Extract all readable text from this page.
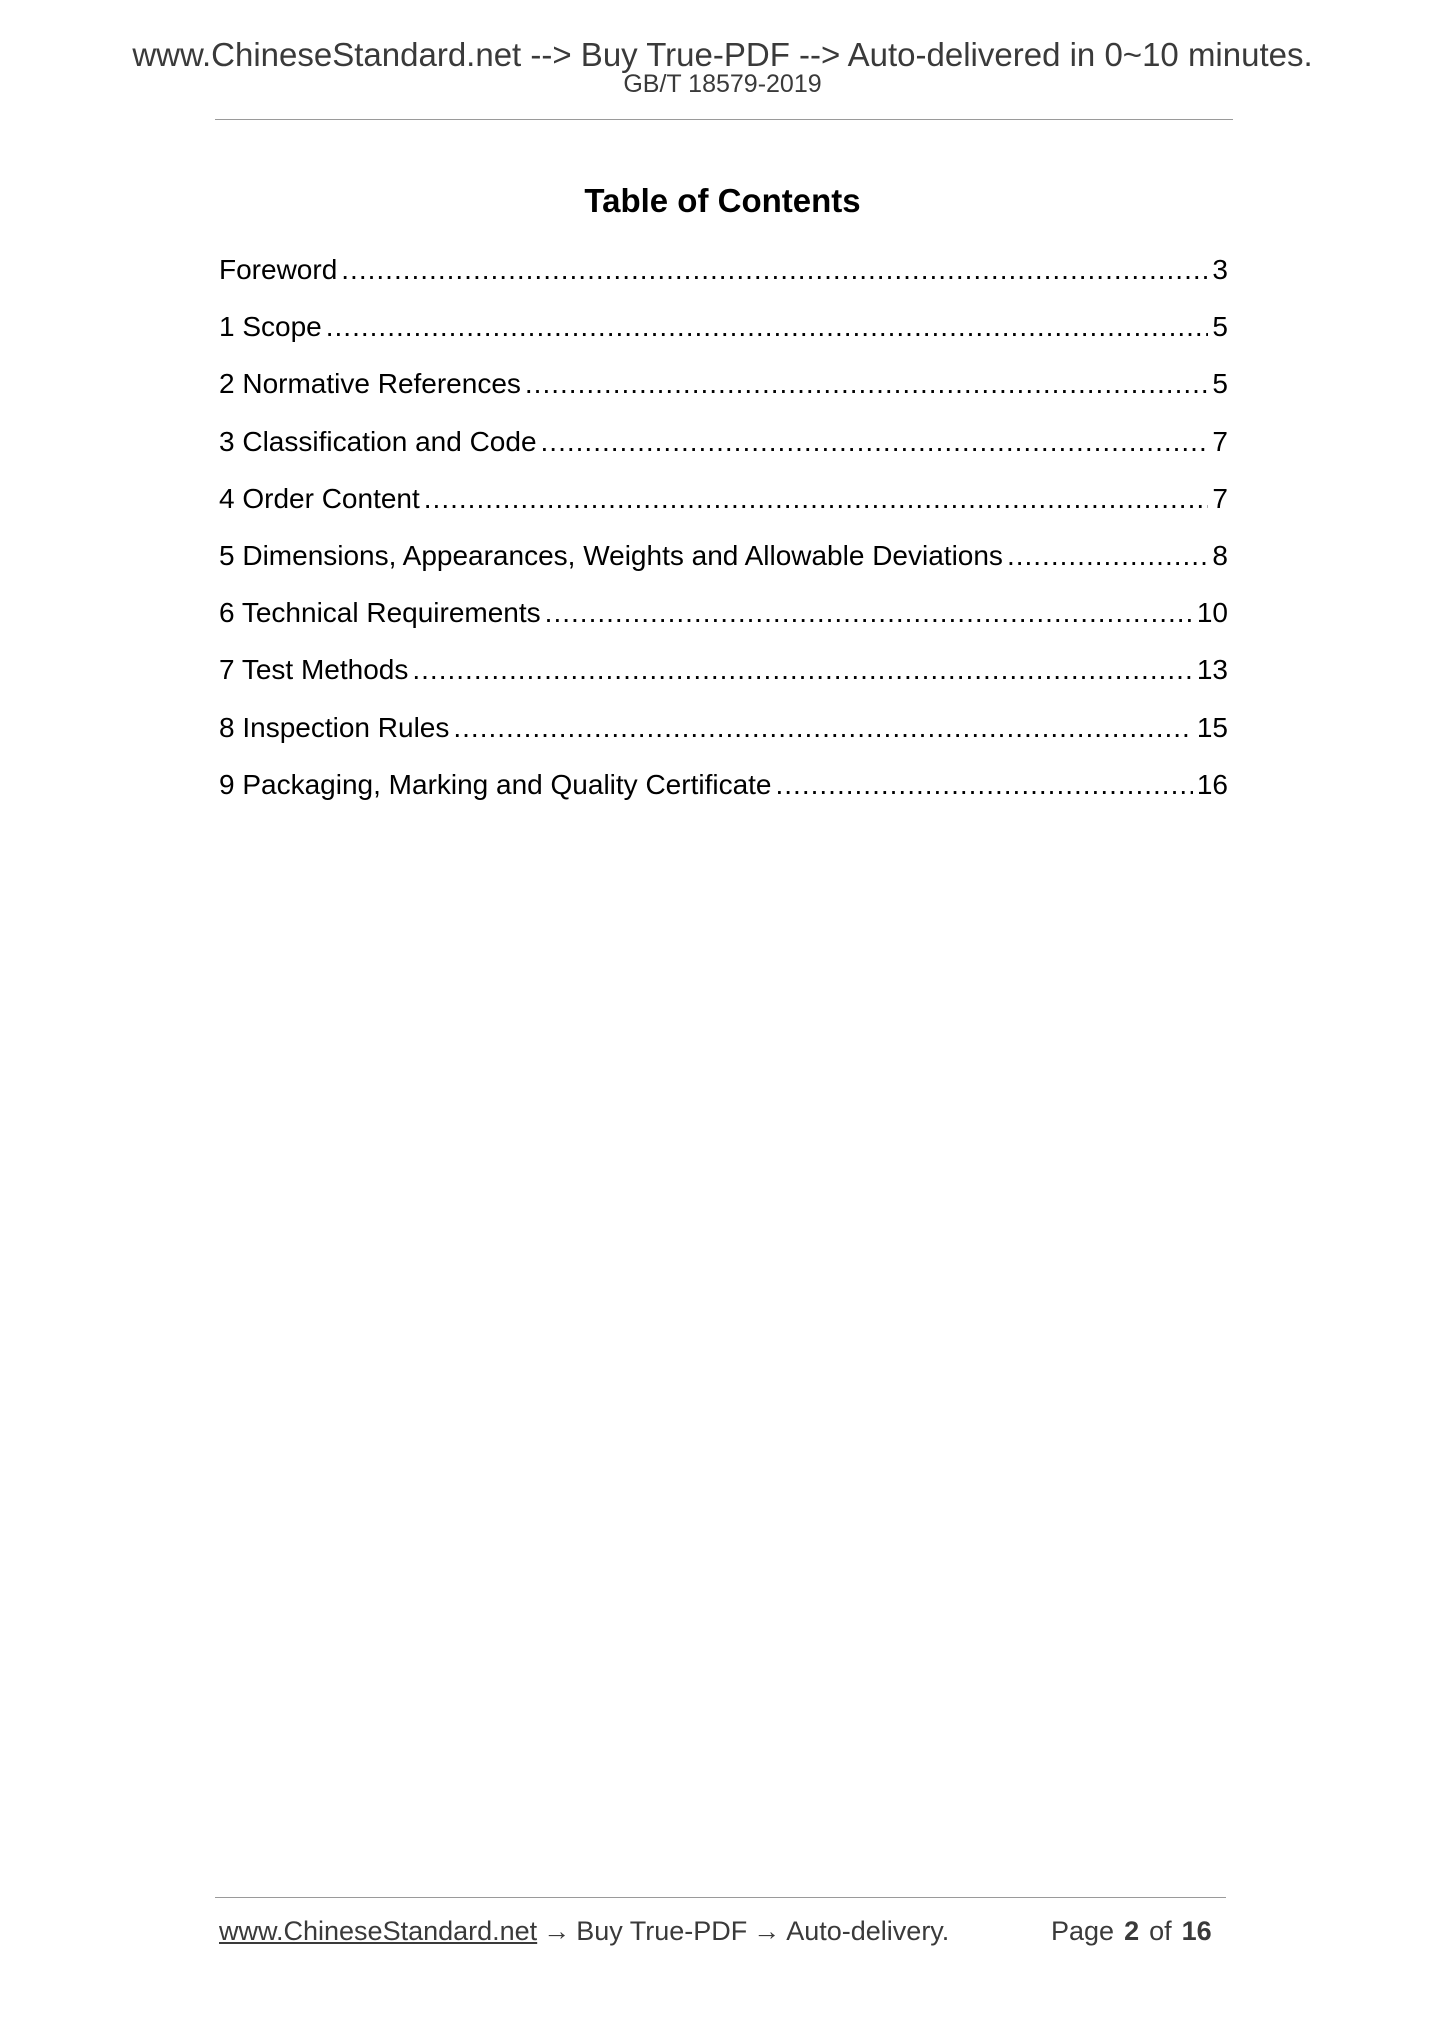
www.ChineseStandard.net --> Buy True-PDF --> Auto-delivered in 0~10 minutes.
GB/T 18579-2019
Table of Contents
Foreword .....	3
1 Scope .....	5
2 Normative References .....	5
3 Classification and Code .....	7
4 Order Content .....	7
5 Dimensions, Appearances, Weights and Allowable Deviations .....	8
6 Technical Requirements .....	10
7 Test Methods .....	13
8 Inspection Rules .....	15
9 Packaging, Marking and Quality Certificate .....	16
www.ChineseStandard.net → Buy True-PDF → Auto-delivery.	Page 2 of 16
